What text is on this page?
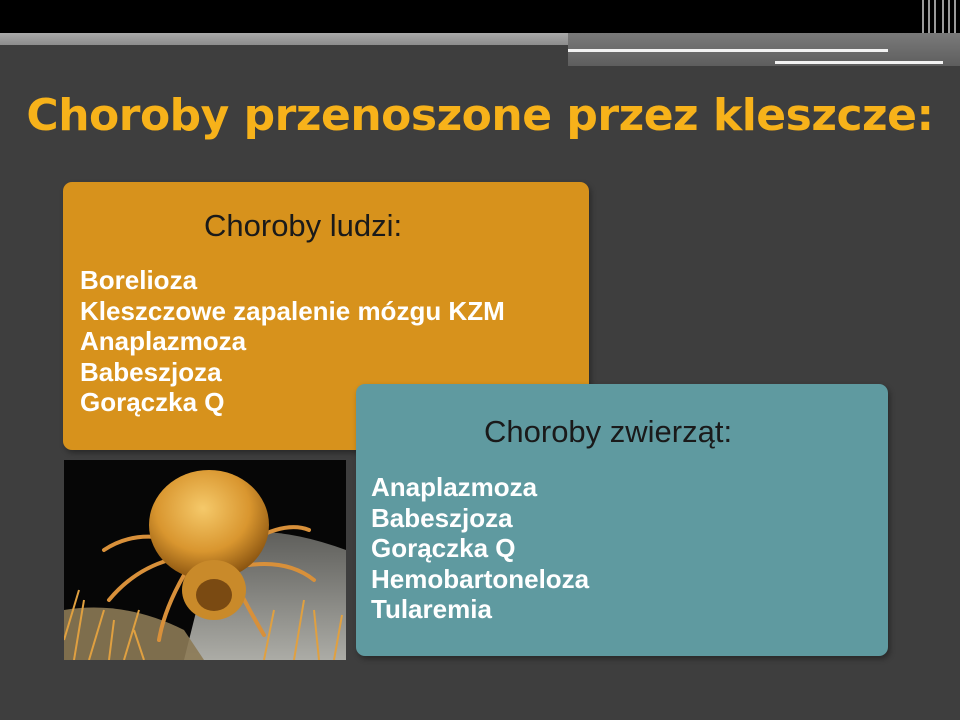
Choroby przenoszone przez kleszcze:
Choroby ludzi:
Borelioza
Kleszczowe zapalenie mózgu KZM
Anaplazmoza
Babeszjoza
Gorączka Q
Choroby zwierząt:
Anaplazmoza
Babeszjoza
Gorączka Q
Hemobartoneloza
Tularemia
